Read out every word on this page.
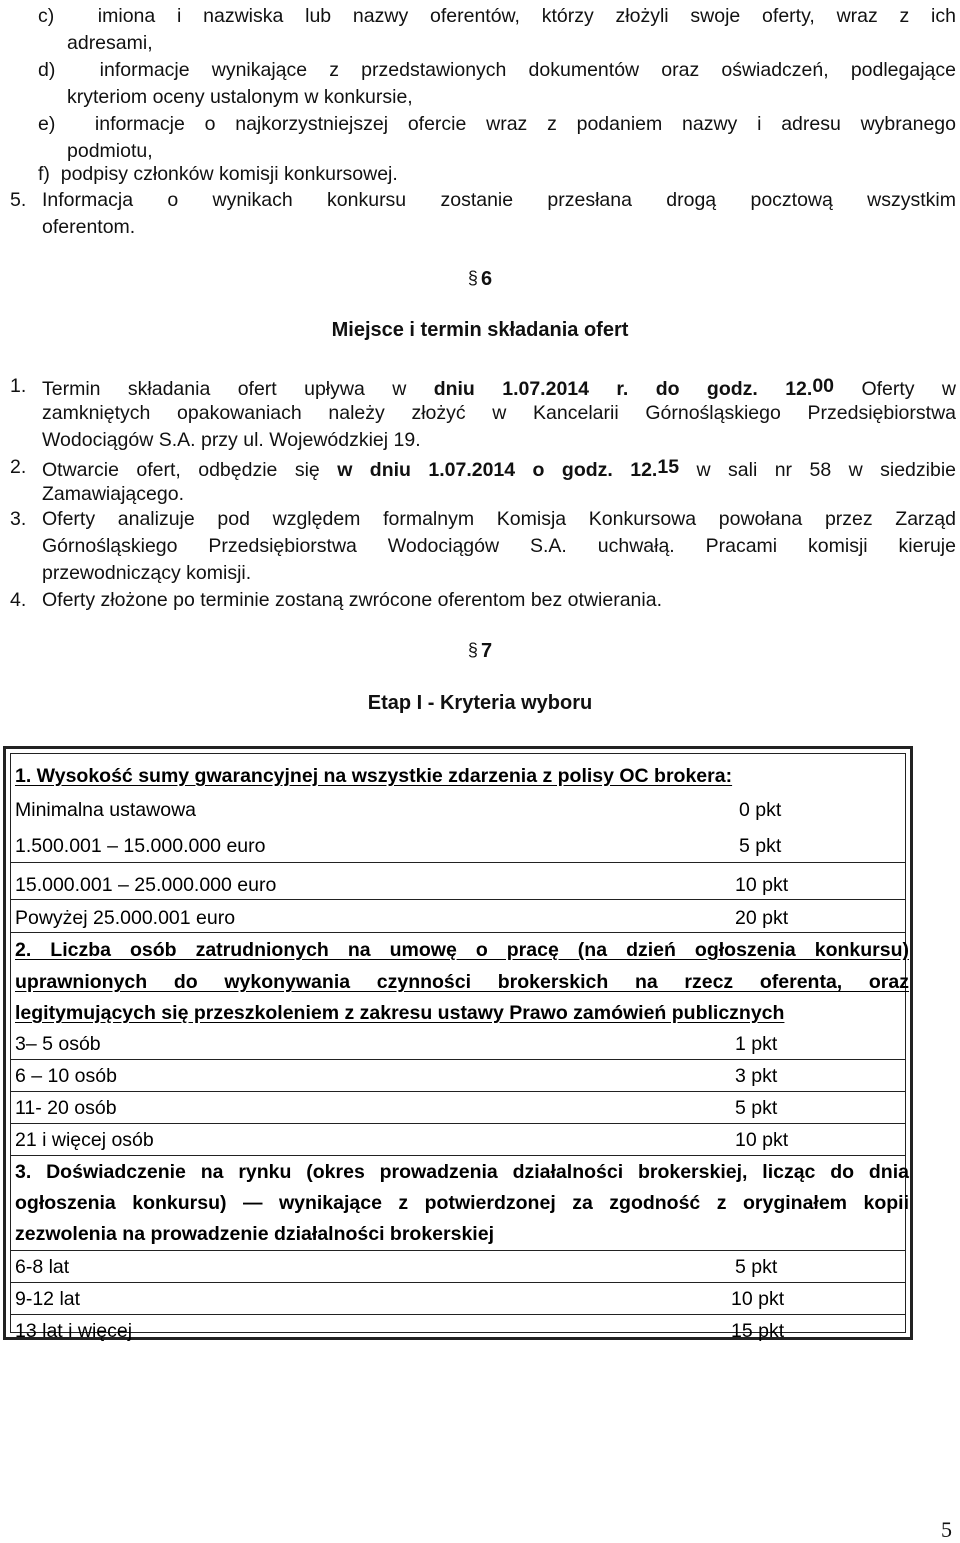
c)  imiona i nazwiska lub nazwy oferentów, którzy złożyli swoje oferty, wraz z ich
adresami,
d)  informacje wynikające z przedstawionych dokumentów oraz oświadczeń, podlegające
kryteriom oceny ustalonym w konkursie,
e)  informacje o najkorzystniejszej ofercie wraz z podaniem nazwy i adresu wybranego
podmiotu,
f)  podpisy członków komisji konkursowej.
5. Informacja o wynikach konkursu zostanie przesłana drogą pocztową wszystkim
oferentom.
§ 6
Miejsce i termin składania ofert
1. Termin składania ofert upływa w dniu 1.07.2014 r. do godz. 12.00 Oferty w
zamkniętych opakowaniach należy złożyć w Kancelarii Górnośląskiego Przedsiębiorstwa
Wodociągów S.A. przy ul. Wojewódzkiej 19.
2. Otwarcie ofert, odbędzie się w dniu 1.07.2014 o godz. 12.15 w sali nr 58 w siedzibie
Zamawiającego.
3. Oferty analizuje pod względem formalnym Komisja Konkursowa powołana przez Zarząd
Górnośląskiego Przedsiębiorstwa Wodociągów S.A. uchwałą. Pracami komisji kieruje
przewodniczący komisji.
4. Oferty złożone po terminie zostaną zwrócone oferentom bez otwierania.
§ 7
Etap I - Kryteria wyboru
1. Wysokość sumy gwarancyjnej na wszystkie zdarzenia z polisy OC brokera:
Minimalna ustawowa	0 pkt
1.500.001 – 15.000.000 euro	5 pkt
15.000.001 – 25.000.000 euro	10 pkt
Powyżej 25.000.001 euro	20 pkt
2. Liczba osób zatrudnionych na umowę o pracę (na dzień ogłoszenia konkursu)
uprawnionych do wykonywania czynności brokerskich na rzecz oferenta, oraz
legitymujących się przeszkoleniem z zakresu ustawy Prawo zamówień publicznych
3– 5 osób	1 pkt
6 – 10 osób	3 pkt
11- 20 osób	5 pkt
21 i więcej osób	10 pkt
3. Doświadczenie na rynku (okres prowadzenia działalności brokerskiej, licząc do dnia
ogłoszenia konkursu) — wynikające z potwierdzonej za zgodność z oryginałem kopii
zezwolenia na prowadzenie działalności brokerskiej
6-8 lat	5 pkt
9-12 lat	10 pkt
13 lat i więcej	15 pkt
5
